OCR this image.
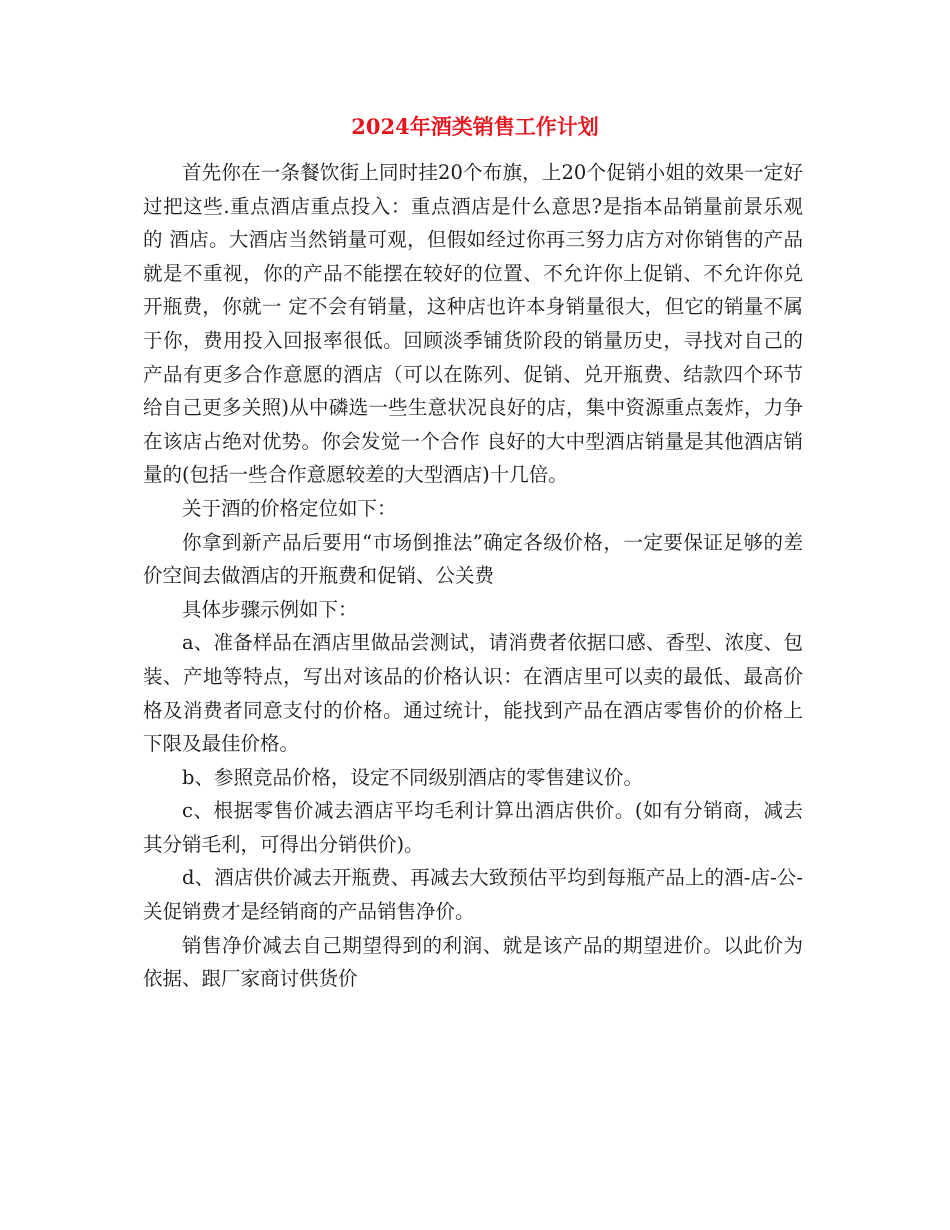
2024年酒类销售工作计划

首先你在一条餐饮街上同时挂20个布旗，上20个促销小姐的效果一定好过把这些.重点酒店重点投入：重点酒店是什么意思?是指本品销量前景乐观的 酒店。大酒店当然销量可观，但假如经过你再三努力店方对你销售的产品就是不重视，你的产品不能摆在较好的位置、不允许你上促销、不允许你兑开瓶费，你就一 定不会有销量，这种店也许本身销量很大，但它的销量不属于你，费用投入回报率很低。回顾淡季铺货阶段的销量历史，寻找对自己的产品有更多合作意愿的酒店（可以在陈列、促销、兑开瓶费、结款四个环节给自己更多关照)从中磷选一些生意状况良好的店，集中资源重点轰炸，力争在该店占绝对优势。你会发觉一个合作 良好的大中型酒店销量是其他酒店销量的(包括一些合作意愿较差的大型酒店)十几倍。

关于酒的价格定位如下：

你拿到新产品后要用“市场倒推法”确定各级价格，一定要保证足够的差价空间去做酒店的开瓶费和促销、公关费

具体步骤示例如下：

a、准备样品在酒店里做品尝测试，请消费者依据口感、香型、浓度、包装、产地等特点，写出对该品的价格认识：在酒店里可以卖的最低、最高价格及消费者同意支付的价格。通过统计，能找到产品在酒店零售价的价格上下限及最佳价格。

b、参照竞品价格，设定不同级别酒店的零售建议价。

c、根据零售价减去酒店平均毛利计算出酒店供价。(如有分销商，减去其分销毛利，可得出分销供价)。

d、酒店供价减去开瓶费、再减去大致预估平均到每瓶产品上的酒-店-公-关促销费才是经销商的产品销售净价。

销售净价减去自己期望得到的利润、就是该产品的期望进价。以此价为依据、跟厂家商讨供货价
